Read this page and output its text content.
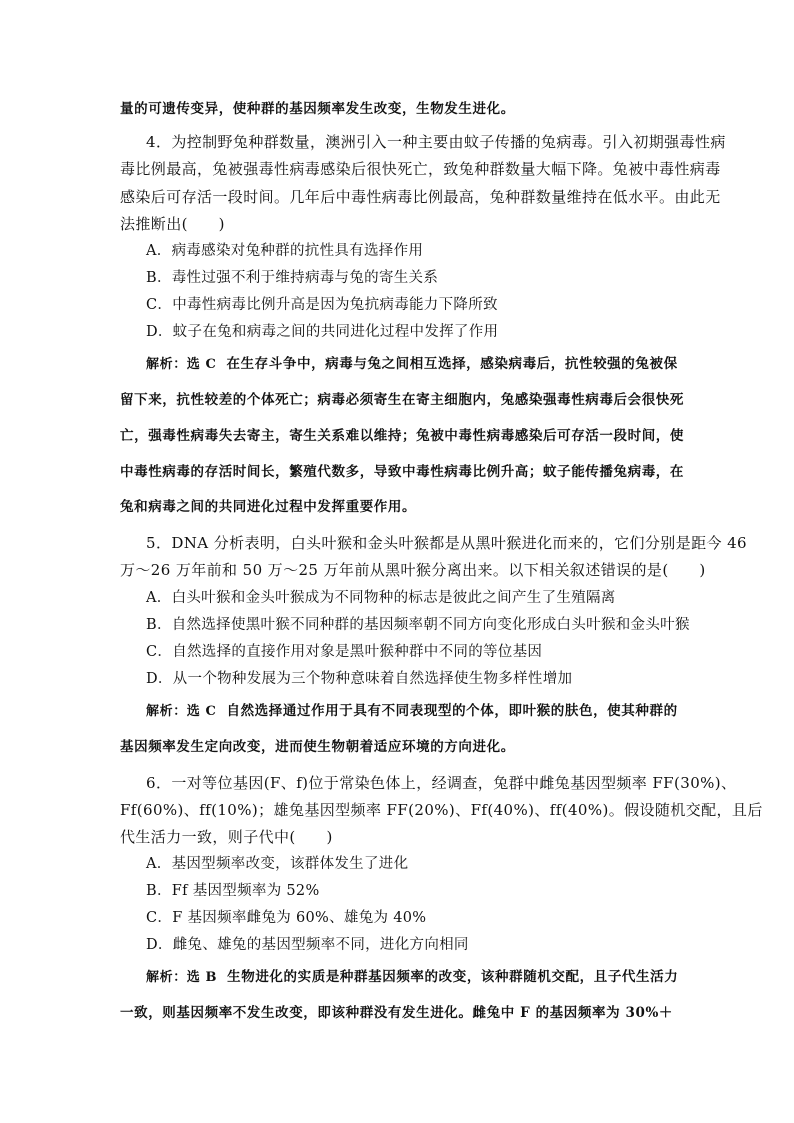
量的可遗传变异，使种群的基因频率发生改变，生物发生进化。
4．为控制野兔种群数量，澳洲引入一种主要由蚊子传播的兔病毒。引入初期强毒性病
毒比例最高，兔被强毒性病毒感染后很快死亡，致兔种群数量大幅下降。兔被中毒性病毒
感染后可存活一段时间。几年后中毒性病毒比例最高，兔种群数量维持在低水平。由此无
法推断出(　　)
A．病毒感染对兔种群的抗性具有选择作用
B．毒性过强不利于维持病毒与兔的寄生关系
C．中毒性病毒比例升高是因为兔抗病毒能力下降所致
D．蚊子在兔和病毒之间的共同进化过程中发挥了作用
解析：选 C 在生存斗争中，病毒与兔之间相互选择，感染病毒后，抗性较强的兔被保
留下来，抗性较差的个体死亡；病毒必须寄生在寄主细胞内，兔感染强毒性病毒后会很快死
亡，强毒性病毒失去寄主，寄生关系难以维持；兔被中毒性病毒感染后可存活一段时间，使
中毒性病毒的存活时间长，繁殖代数多，导致中毒性病毒比例升高；蚊子能传播兔病毒，在
兔和病毒之间的共同进化过程中发挥重要作用。
5．DNA 分析表明，白头叶猴和金头叶猴都是从黑叶猴进化而来的，它们分别是距今 46
万～26 万年前和 50 万～25 万年前从黑叶猴分离出来。以下相关叙述错误的是(　　)
A．白头叶猴和金头叶猴成为不同物种的标志是彼此之间产生了生殖隔离
B．自然选择使黑叶猴不同种群的基因频率朝不同方向变化形成白头叶猴和金头叶猴
C．自然选择的直接作用对象是黑叶猴种群中不同的等位基因
D．从一个物种发展为三个物种意味着自然选择使生物多样性增加
解析：选 C 自然选择通过作用于具有不同表现型的个体，即叶猴的肤色，使其种群的
基因频率发生定向改变，进而使生物朝着适应环境的方向进化。
6．一对等位基因(F、f)位于常染色体上，经调查，兔群中雌兔基因型频率 FF(30%)、
Ff(60%)、ff(10%)；雄兔基因型频率 FF(20%)、Ff(40%)、ff(40%)。假设随机交配，且后
代生活力一致，则子代中(　　)
A．基因型频率改变，该群体发生了进化
B．Ff 基因型频率为 52%
C．F 基因频率雌兔为 60%、雄兔为 40%
D．雌兔、雄兔的基因型频率不同，进化方向相同
解析：选 B 生物进化的实质是种群基因频率的改变，该种群随机交配，且子代生活力
一致，则基因频率不发生改变，即该种群没有发生进化。雌兔中 F 的基因频率为 30%＋
